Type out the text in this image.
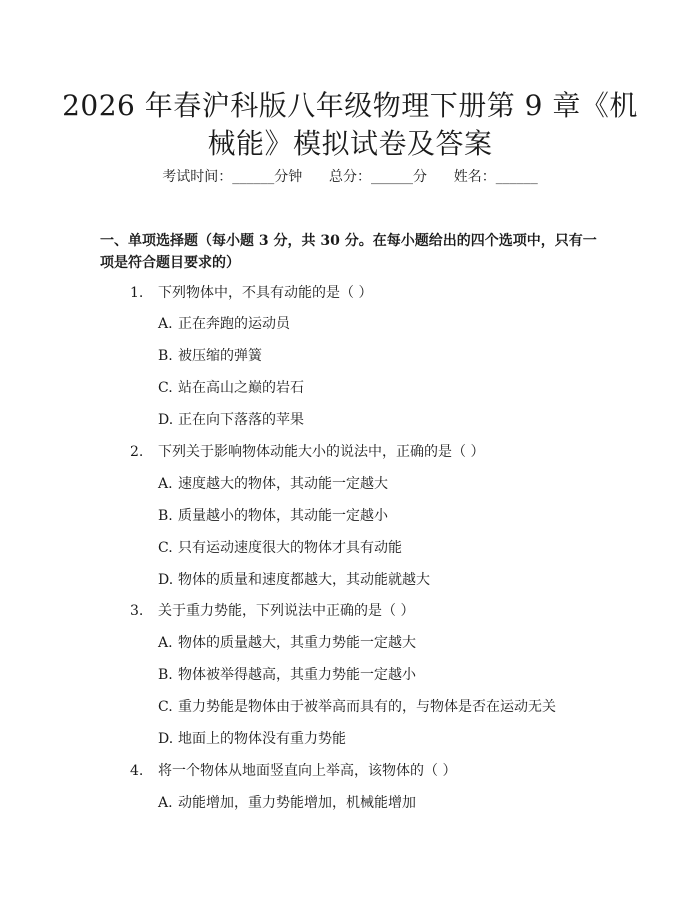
2026 年春沪科版八年级物理下册第 9 章《机
械能》模拟试卷及答案
考试时间：______分钟      总分：______分      姓名：______
一、单项选择题（每小题 3 分，共 30 分。在每小题给出的四个选项中，只有一项是符合题目要求的）
1. 下列物体中，不具有动能的是（ ）
A. 正在奔跑的运动员
B. 被压缩的弹簧
C. 站在高山之巅的岩石
D. 正在向下落落的苹果
2. 下列关于影响物体动能大小的说法中，正确的是（ ）
A. 速度越大的物体，其动能一定越大
B. 质量越小的物体，其动能一定越小
C. 只有运动速度很大的物体才具有动能
D. 物体的质量和速度都越大，其动能就越大
3. 关于重力势能，下列说法中正确的是（ ）
A. 物体的质量越大，其重力势能一定越大
B. 物体被举得越高，其重力势能一定越小
C. 重力势能是物体由于被举高而具有的，与物体是否在运动无关
D. 地面上的物体没有重力势能
4. 将一个物体从地面竖直向上举高，该物体的（ ）
A. 动能增加，重力势能增加，机械能增加
